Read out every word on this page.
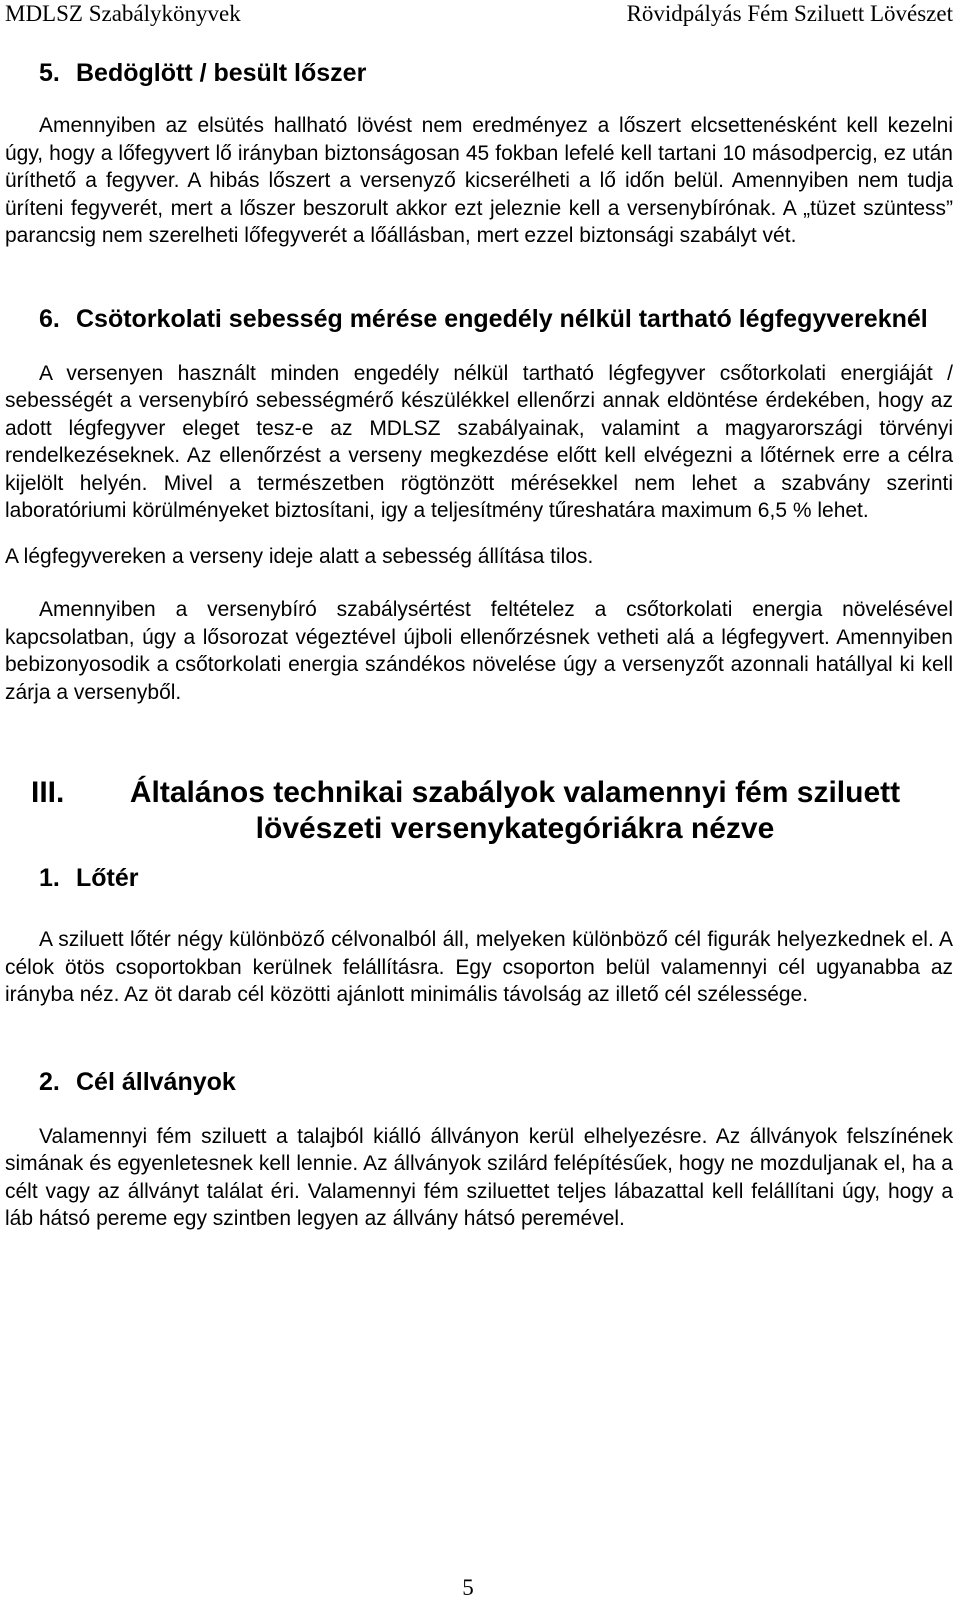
MDLSZ Szabálykönyvek	Rövidpályás Fém Sziluett Lövészet
5. Bedöglött / besült lőszer

Amennyiben az elsütés hallható lövést nem eredményez a lőszert elcsettenésként kell kezelni úgy, hogy a lőfegyvert lő irányban biztonságosan 45 fokban lefelé kell tartani 10 másodpercig, ez után üríthető a fegyver. A hibás lőszert a versenyző kicserélheti a lő időn belül. Amennyiben nem tudja üríteni fegyverét, mert a lőszer beszorult akkor ezt jeleznie kell a versenybírónak. A „tüzet szüntess” parancsig nem szerelheti lőfegyverét a lőállásban, mert ezzel biztonsági szabályt vét.

6. Csötorkolati sebesség mérése engedély nélkül tartható légfegyvereknél

A versenyen használt minden engedély nélkül tartható légfegyver csőtorkolati energiáját / sebességét a versenybíró sebességmérő készülékkel ellenőrzi annak eldöntése érdekében, hogy az adott légfegyver eleget tesz-e az MDLSZ szabályainak, valamint a magyarországi törvényi rendelkezéseknek. Az ellenőrzést a verseny megkezdése előtt kell elvégezni a lőtérnek erre a célra kijelölt helyén. Mivel a természetben rögtönzött mérésekkel nem lehet a szabvány szerinti laboratóriumi körülményeket biztosítani, igy a teljesítmény tűreshatára maximum 6,5 % lehet.

A légfegyvereken a verseny ideje alatt a sebesség állítása tilos.

Amennyiben a versenybíró szabálysértést feltételez a csőtorkolati energia növelésével kapcsolatban, úgy a lősorozat végeztével újboli ellenőrzésnek vetheti alá a légfegyvert. Amennyiben bebizonyosodik a csőtorkolati energia szándékos növelése úgy a versenyzőt azonnali hatállyal ki kell zárja a versenyből.

III.	Általános technikai szabályok valamennyi fém sziluett lövészeti versenykategóriákra nézve
1. Lőtér

A sziluett lőtér négy különböző célvonalból áll, melyeken különböző cél figurák helyezkednek el. A célok ötös csoportokban kerülnek felállításra. Egy csoporton belül valamennyi cél ugyanabba az irányba néz. Az öt darab cél közötti ajánlott minimális távolság az illető cél szélessége.

2. Cél állványok

Valamennyi fém sziluett a talajból kiálló állványon kerül elhelyezésre. Az állványok felszínének simának és egyenletesnek kell lennie. Az állványok szilárd felépítésűek, hogy ne mozduljanak el, ha a célt vagy az állványt találat éri. Valamennyi fém sziluettet teljes lábazattal kell felállítani úgy, hogy a láb hátsó pereme egy szintben legyen az állvány hátsó peremével.

5
